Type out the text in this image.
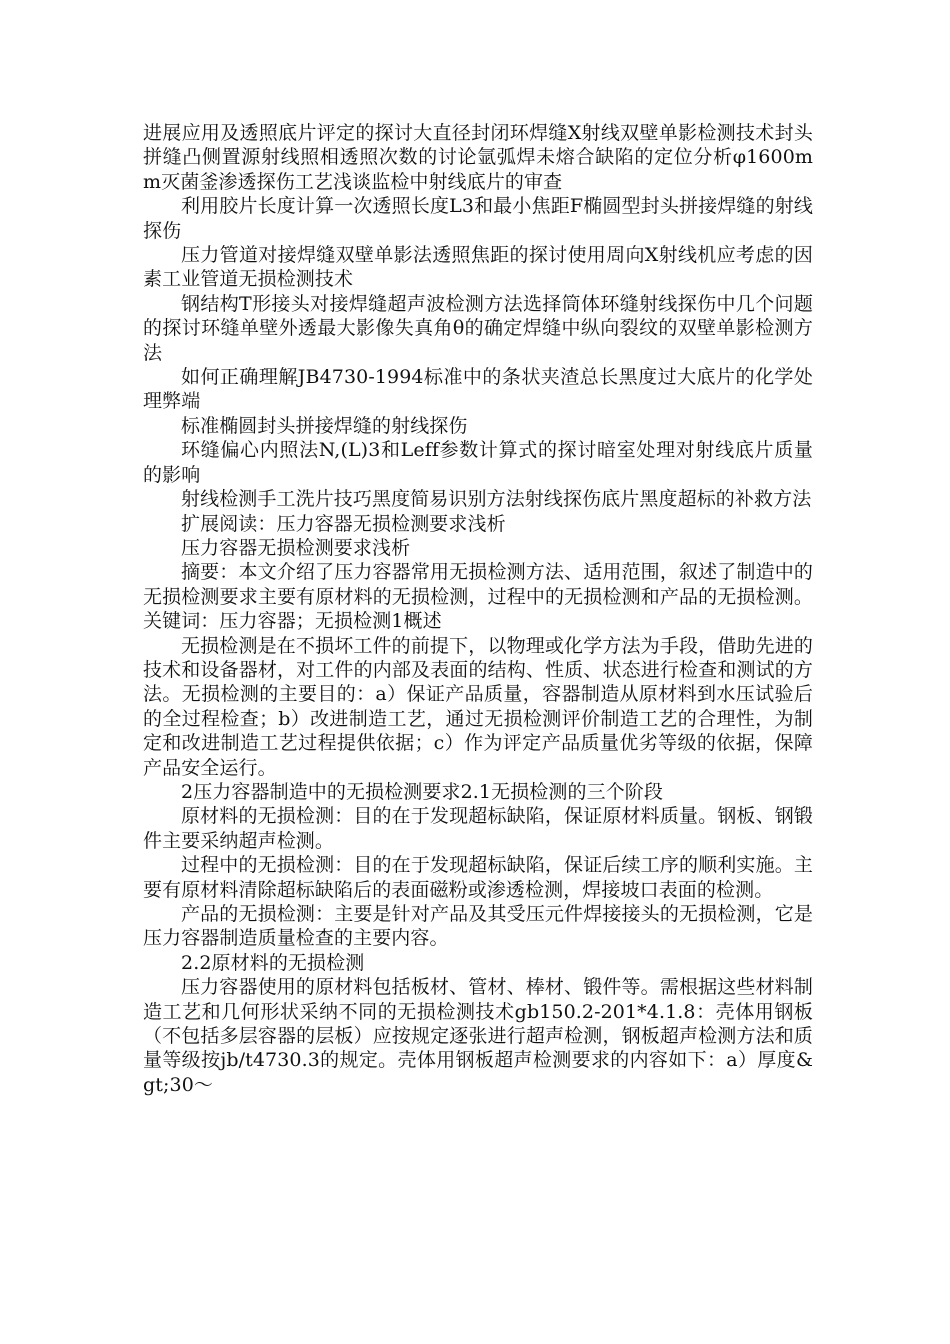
进展应用及透照底片评定的探讨大直径封闭环焊缝X射线双壁单影检测技术封头拼缝凸侧置源射线照相透照次数的讨论氩弧焊未熔合缺陷的定位分析φ1600mm灭菌釜渗透探伤工艺浅谈监检中射线底片的审查

利用胶片长度计算一次透照长度L3和最小焦距F椭圆型封头拼接焊缝的射线探伤

压力管道对接焊缝双壁单影法透照焦距的探讨使用周向X射线机应考虑的因素工业管道无损检测技术

钢结构T形接头对接焊缝超声波检测方法选择筒体环缝射线探伤中几个问题的探讨环缝单壁外透最大影像失真角θ的确定焊缝中纵向裂纹的双壁单影检测方法

如何正确理解JB4730-1994标准中的条状夹渣总长黑度过大底片的化学处理弊端

标准椭圆封头拼接焊缝的射线探伤

环缝偏心内照法N,(L)3和Leff参数计算式的探讨暗室处理对射线底片质量的影响

射线检测手工洗片技巧黑度简易识别方法射线探伤底片黑度超标的补救方法

扩展阅读：压力容器无损检测要求浅析

压力容器无损检测要求浅析

摘要：本文介绍了压力容器常用无损检测方法、适用范围，叙述了制造中的无损检测要求主要有原材料的无损检测，过程中的无损检测和产品的无损检测。关键词：压力容器；无损检测1概述

无损检测是在不损坏工件的前提下，以物理或化学方法为手段，借助先进的技术和设备器材，对工件的内部及表面的结构、性质、状态进行检查和测试的方法。无损检测的主要目的：a）保证产品质量，容器制造从原材料到水压试验后的全过程检查；b）改进制造工艺，通过无损检测评价制造工艺的合理性，为制定和改进制造工艺过程提供依据；c）作为评定产品质量优劣等级的依据，保障产品安全运行。

2压力容器制造中的无损检测要求2.1无损检测的三个阶段

原材料的无损检测：目的在于发现超标缺陷，保证原材料质量。钢板、钢锻件主要采纳超声检测。

过程中的无损检测：目的在于发现超标缺陷，保证后续工序的顺利实施。主要有原材料清除超标缺陷后的表面磁粉或渗透检测，焊接坡口表面的检测。

产品的无损检测：主要是针对产品及其受压元件焊接接头的无损检测，它是压力容器制造质量检查的主要内容。

2.2原材料的无损检测

压力容器使用的原材料包括板材、管材、棒材、锻件等。需根据这些材料制造工艺和几何形状采纳不同的无损检测技术gb150.2-201*4.1.8：壳体用钢板（不包括多层容器的层板）应按规定逐张进行超声检测，钢板超声检测方法和质量等级按jb/t4730.3的规定。壳体用钢板超声检测要求的内容如下：a）厚度&gt;30～
